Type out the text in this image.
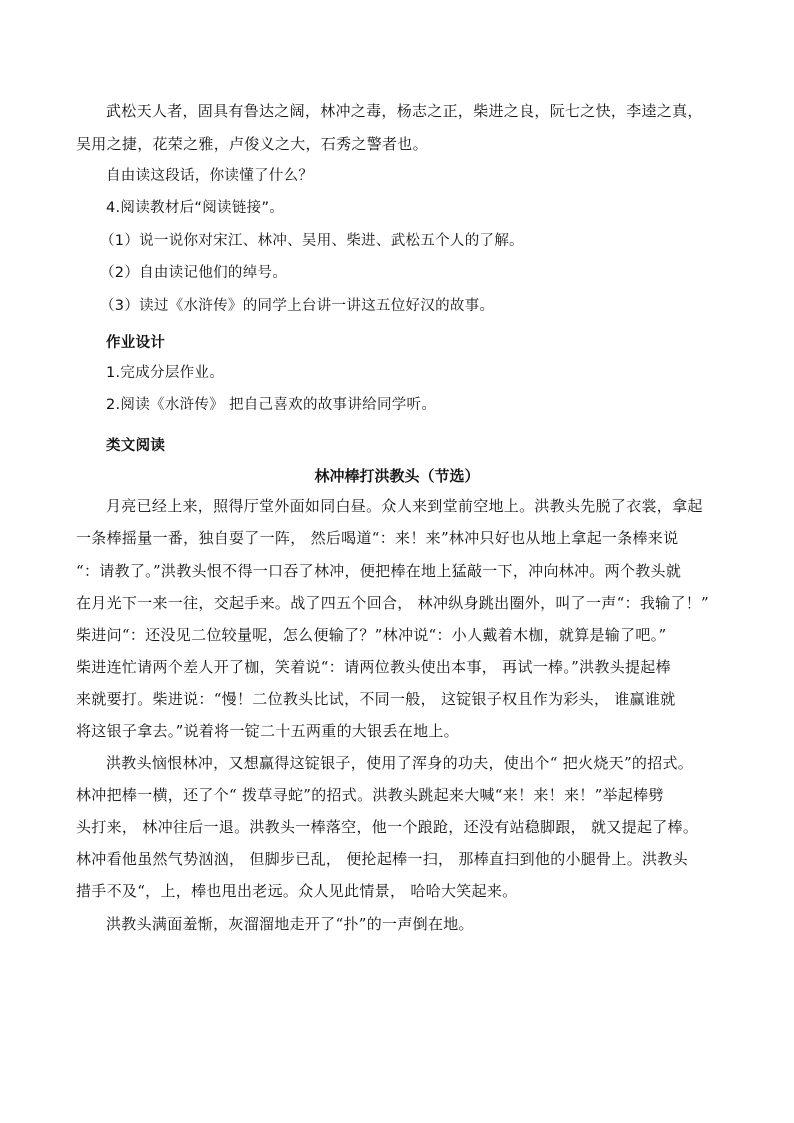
武松天人者，固具有鲁达之阔，林冲之毒，杨志之正，柴进之良，阮七之快，李逵之真，
吴用之捷，花荣之雅，卢俊义之大，石秀之警者也。
自由读这段话，你读懂了什么？
4.阅读教材后“阅读链接”。
（1）说一说你对宋江、林冲、吴用、柴进、武松五个人的了解。
（2）自由读记他们的绰号。
（3）读过《水浒传》的同学上台讲一讲这五位好汉的故事。
作业设计
1.完成分层作业。
2.阅读《水浒传》 把自己喜欢的故事讲给同学听。
类文阅读
林冲棒打洪教头（节选）
月亮已经上来，照得厅堂外面如同白昼。众人来到堂前空地上。洪教头先脱了衣裳，拿起
一条棒摇量一番，独自耍了一阵， 然后喝道“：来！来”林冲只好也从地上拿起一条棒来说
“：请教了。”洪教头恨不得一口吞了林冲，便把棒在地上猛敲一下，冲向林冲。两个教头就
在月光下一来一往，交起手来。战了四五个回合， 林冲纵身跳出圈外，叫了一声“：我输了！”
柴进问“：还没见二位较量呢，怎么便输了？”林冲说“：小人戴着木枷，就算是输了吧。”
柴进连忙请两个差人开了枷，笑着说“：请两位教头使出本事， 再试一棒。”洪教头提起棒
来就要打。柴进说：“慢！二位教头比试，不同一般， 这锭银子权且作为彩头， 谁赢谁就
将这银子拿去。”说着将一锭二十五两重的大银丢在地上。
洪教头恼恨林冲，又想赢得这锭银子，使用了浑身的功夫，使出个“ 把火烧天”的招式。
林冲把棒一横，还了个“ 拨草寻蛇”的招式。洪教头跳起来大喊“来！来！来！”举起棒劈
头打来， 林冲往后一退。洪教头一棒落空，他一个踉跄，还没有站稳脚跟， 就又提起了棒。
林冲看他虽然气势汹汹， 但脚步已乱， 便抡起棒一扫， 那棒直扫到他的小腿骨上。洪教头
措手不及“，上，棒也甩出老远。众人见此情景， 哈哈大笑起来。
洪教头满面羞惭，灰溜溜地走开了“扑”的一声倒在地。
